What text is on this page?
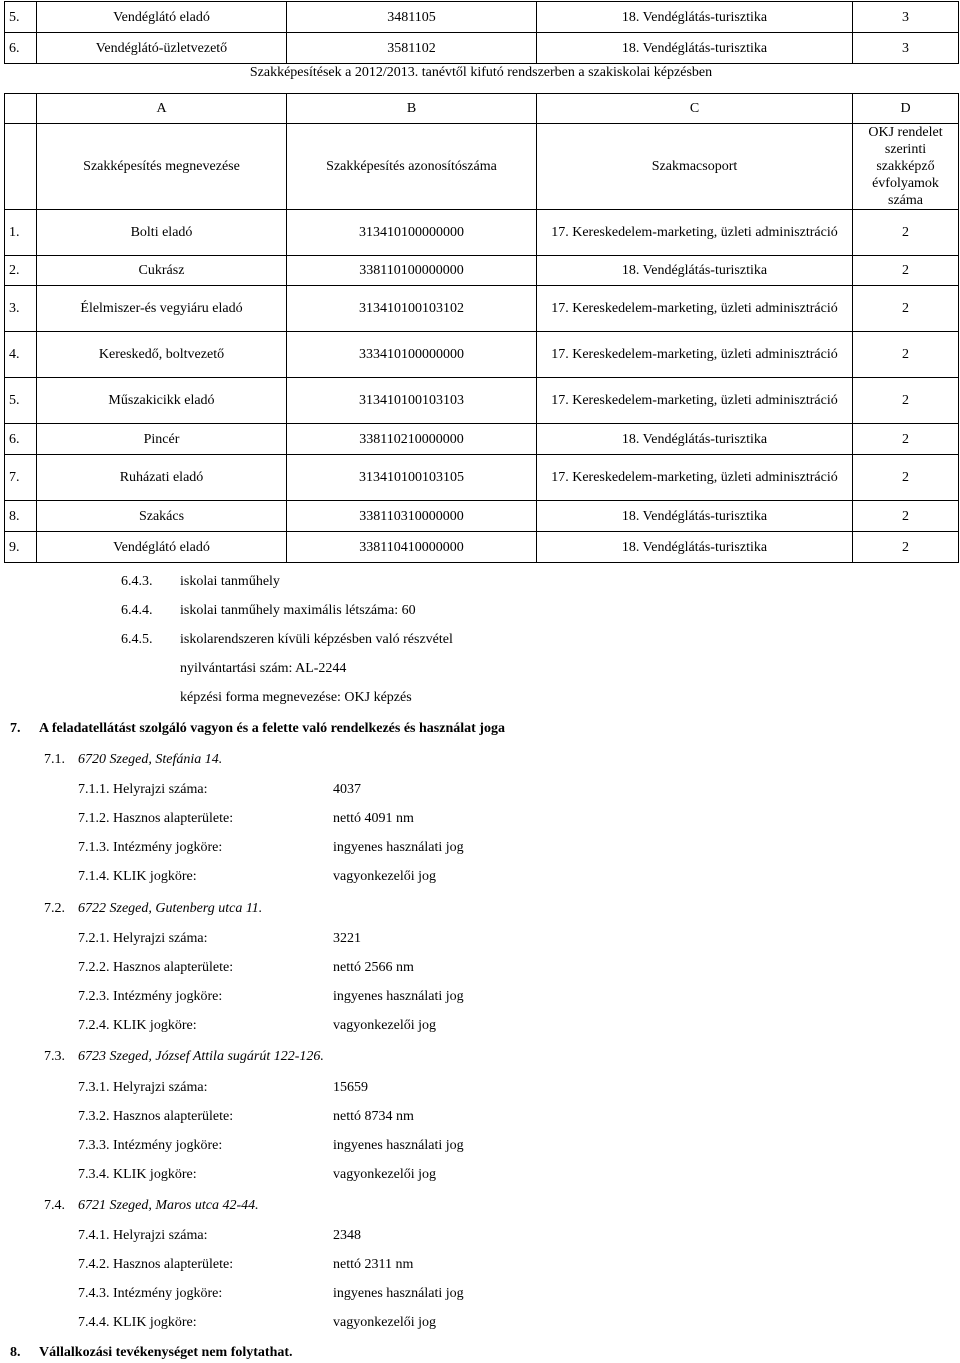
5.	Vendéglátó eladó	3481105	18. Vendéglátás-turisztika	3
6.	Vendéglátó-üzletvezető	3581102	18. Vendéglátás-turisztika	3
Szakképesítések a 2012/2013. tanévtől kifutó rendszerben a szakiskolai képzésben
	A	B	C	D
	Szakképesítés megnevezése	Szakképesítés azonosítószáma	Szakmacsoport	OKJ rendelet szerinti szakképző évfolyamok száma
1.	Bolti eladó	313410100000000	17. Kereskedelem-marketing, üzleti adminisztráció	2
2.	Cukrász	338110100000000	18. Vendéglátás-turisztika	2
3.	Élelmiszer-és vegyiáru eladó	313410100103102	17. Kereskedelem-marketing, üzleti adminisztráció	2
4.	Kereskedő, boltvezető	333410100000000	17. Kereskedelem-marketing, üzleti adminisztráció	2
5.	Műszakicikk eladó	313410100103103	17. Kereskedelem-marketing, üzleti adminisztráció	2
6.	Pincér	338110210000000	18. Vendéglátás-turisztika	2
7.	Ruházati eladó	313410100103105	17. Kereskedelem-marketing, üzleti adminisztráció	2
8.	Szakács	338110310000000	18. Vendéglátás-turisztika	2
9.	Vendéglátó eladó	338110410000000	18. Vendéglátás-turisztika	2
6.4.3. iskolai tanműhely
6.4.4. iskolai tanműhely maximális létszáma: 60
6.4.5. iskolarendszeren kívüli képzésben való részvétel
nyilvántartási szám: AL-2244
képzési forma megnevezése: OKJ képzés
7. A feladatellátást szolgáló vagyon és a felette való rendelkezés és használat joga
7.1. 6720 Szeged, Stefánia 14.
7.1.1. Helyrajzi száma:	4037
7.1.2. Hasznos alapterülete:	nettó 4091 nm
7.1.3. Intézmény jogköre:	ingyenes használati jog
7.1.4. KLIK jogköre:	vagyonkezelői jog
7.2. 6722 Szeged, Gutenberg utca 11.
7.2.1. Helyrajzi száma:	3221
7.2.2. Hasznos alapterülete:	nettó 2566 nm
7.2.3. Intézmény jogköre:	ingyenes használati jog
7.2.4. KLIK jogköre:	vagyonkezelői jog
7.3. 6723 Szeged, József Attila sugárút 122-126.
7.3.1. Helyrajzi száma:	15659
7.3.2. Hasznos alapterülete:	nettó 8734 nm
7.3.3. Intézmény jogköre:	ingyenes használati jog
7.3.4. KLIK jogköre:	vagyonkezelői jog
7.4. 6721 Szeged, Maros utca 42-44.
7.4.1. Helyrajzi száma:	2348
7.4.2. Hasznos alapterülete:	nettó 2311 nm
7.4.3. Intézmény jogköre:	ingyenes használati jog
7.4.4. KLIK jogköre:	vagyonkezelői jog
8. Vállalkozási tevékenységet nem folytathat.
